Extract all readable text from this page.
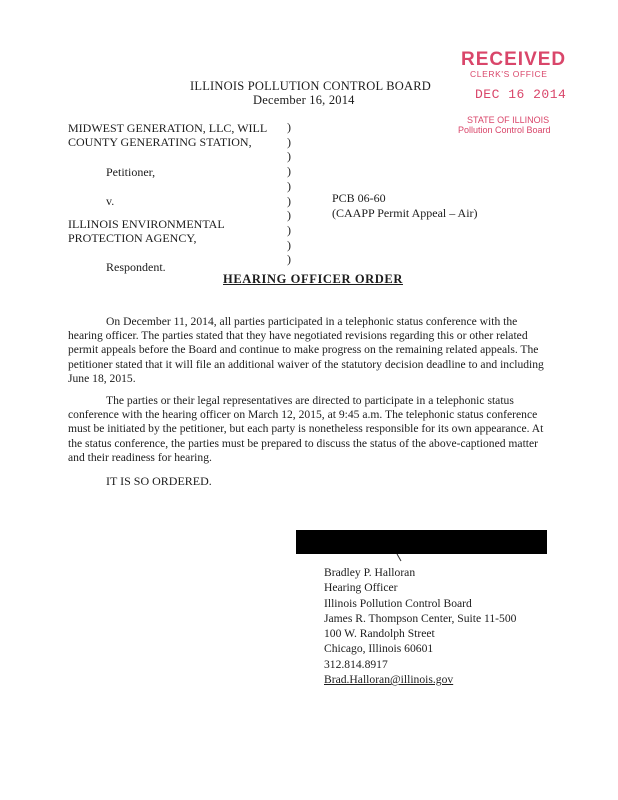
ILLINOIS POLLUTION CONTROL BOARD
December 16, 2014
RECEIVED
CLERK'S OFFICE
DEC 16 2014
STATE OF ILLINOIS
Pollution Control Board
MIDWEST GENERATION, LLC, WILL
COUNTY GENERATING STATION,
Petitioner,
v.
ILLINOIS ENVIRONMENTAL
PROTECTION AGENCY,
Respondent.
)
)
)
)
)
)
)
)
)
)
PCB 06-60
(CAAPP Permit Appeal – Air)
HEARING OFFICER ORDER
On December 11, 2014, all parties participated in a telephonic status conference with the hearing officer. The parties stated that they have negotiated revisions regarding this or other related permit appeals before the Board and continue to make progress on the remaining related appeals. The petitioner stated that it will file an additional waiver of the statutory decision deadline to and including June 18, 2015.
The parties or their legal representatives are directed to participate in a telephonic status conference with the hearing officer on March 12, 2015, at 9:45 a.m. The telephonic status conference must be initiated by the petitioner, but each party is nonetheless responsible for its own appearance. At the status conference, the parties must be prepared to discuss the status of the above-captioned matter and their readiness for hearing.
IT IS SO ORDERED.
Bradley P. Halloran
Hearing Officer
Illinois Pollution Control Board
James R. Thompson Center, Suite 11-500
100 W. Randolph Street
Chicago, Illinois 60601
312.814.8917
Brad.Halloran@illinois.gov
